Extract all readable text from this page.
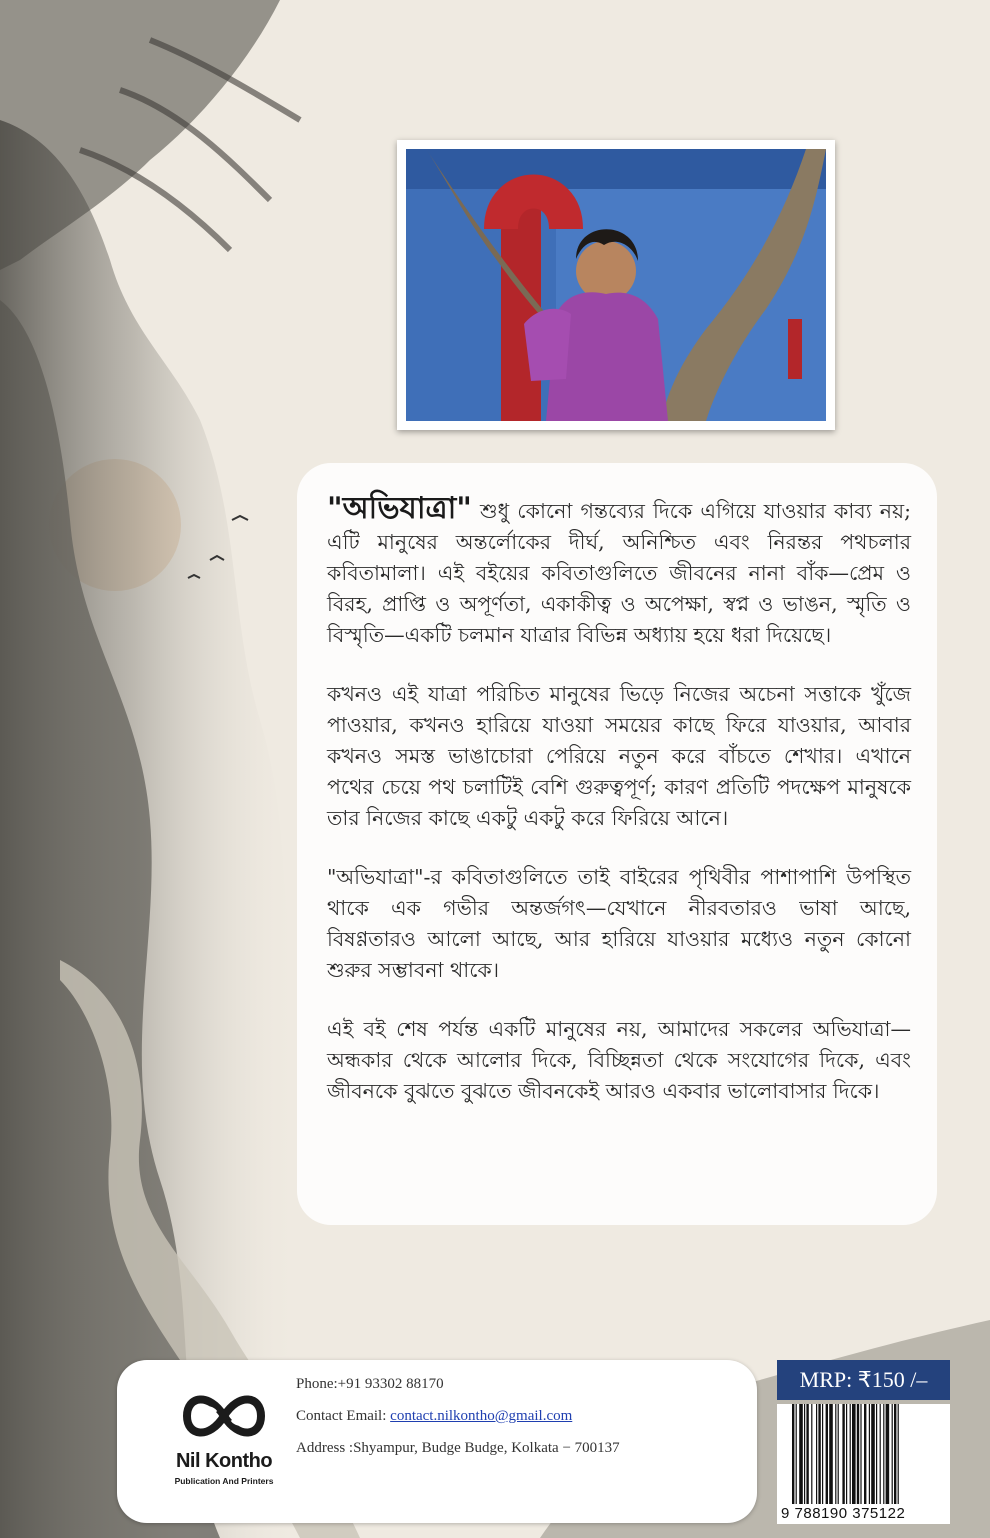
"অভিযাত্রা" শুধু কোনো গন্তব্যের দিকে এগিয়ে যাওয়ার কাব্য নয়; এটি মানুষের অন্তর্লোকের দীর্ঘ, অনিশ্চিত এবং নিরন্তর পথচলার কবিতামালা। এই বইয়ের কবিতাগুলিতে জীবনের নানা বাঁক—প্রেম ও বিরহ, প্রাপ্তি ও অপূর্ণতা, একাকীত্ব ও অপেক্ষা, স্বপ্ন ও ভাঙন, স্মৃতি ও বিস্মৃতি—একটি চলমান যাত্রার বিভিন্ন অধ্যায় হয়ে ধরা দিয়েছে।

কখনও এই যাত্রা পরিচিত মানুষের ভিড়ে নিজের অচেনা সত্তাকে খুঁজে পাওয়ার, কখনও হারিয়ে যাওয়া সময়ের কাছে ফিরে যাওয়ার, আবার কখনও সমস্ত ভাঙাচোরা পেরিয়ে নতুন করে বাঁচতে শেখার। এখানে পথের চেয়ে পথ চলাটিই বেশি গুরুত্বপূর্ণ; কারণ প্রতিটি পদক্ষেপ মানুষকে তার নিজের কাছে একটু একটু করে ফিরিয়ে আনে।

"অভিযাত্রা"-র কবিতাগুলিতে তাই বাইরের পৃথিবীর পাশাপাশি উপস্থিত থাকে এক গভীর অন্তর্জগৎ—যেখানে নীরবতারও ভাষা আছে, বিষণ্ণতারও আলো আছে, আর হারিয়ে যাওয়ার মধ্যেও নতুন কোনো শুরুর সম্ভাবনা থাকে।

এই বই শেষ পর্যন্ত একটি মানুষের নয়, আমাদের সকলের অভিযাত্রা—অন্ধকার থেকে আলোর দিকে, বিচ্ছিন্নতা থেকে সংযোগের দিকে, এবং জীবনকে বুঝতে বুঝতে জীবনকেই আরও একবার ভালোবাসার দিকে।

Nil Kontho
Publication And Printers
Phone:+91 93302 88170
Contact Email: contact.nilkontho@gmail.com
Address :Shyampur, Budge Budge, Kolkata − 700137
MRP: ₹150 /–
9 788190 375122
